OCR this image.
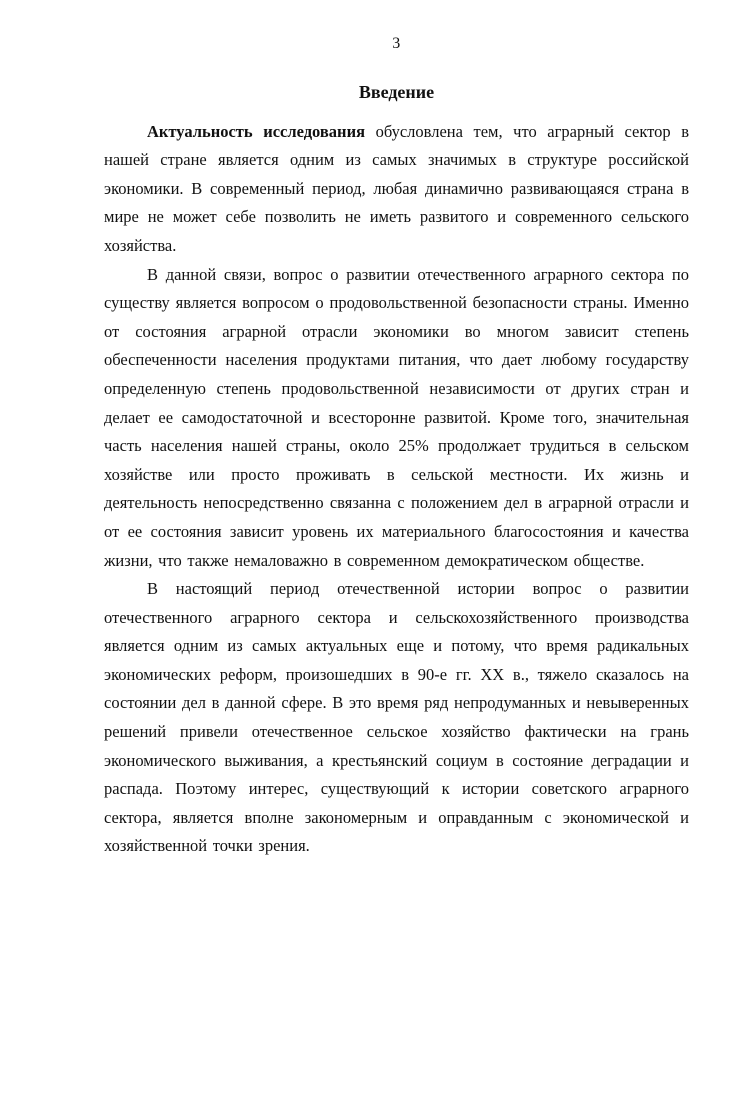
3
Введение

Актуальность исследования обусловлена тем, что аграрный сектор в нашей стране является одним из самых значимых в структуре российской экономики. В современный период, любая динамично развивающаяся страна в мире не может себе позволить не иметь развитого и современного сельского хозяйства.

В данной связи, вопрос о развитии отечественного аграрного сектора по существу является вопросом о продовольственной безопасности страны. Именно от состояния аграрной отрасли экономики во многом зависит степень обеспеченности населения продуктами питания, что дает любому государству определенную степень продовольственной независимости от других стран и делает ее самодостаточной и всесторонне развитой. Кроме того, значительная часть населения нашей страны, около 25% продолжает трудиться в сельском хозяйстве или просто проживать в сельской местности. Их жизнь и деятельность непосредственно связанна с положением дел в аграрной отрасли и от ее состояния зависит уровень их материального благосостояния и качества жизни, что также немаловажно в современном демократическом обществе.

В настоящий период отечественной истории вопрос о развитии отечественного аграрного сектора и сельскохозяйственного производства является одним из самых актуальных еще и потому, что время радикальных экономических реформ, произошедших в 90-е гг. XX в., тяжело сказалось на состоянии дел в данной сфере. В это время ряд непродуманных и невыверенных решений привели отечественное сельское хозяйство фактически на грань экономического выживания, а крестьянский социум в состояние деградации и распада. Поэтому интерес, существующий к истории советского аграрного сектора, является вполне закономерным и оправданным с экономической и хозяйственной точки зрения.
